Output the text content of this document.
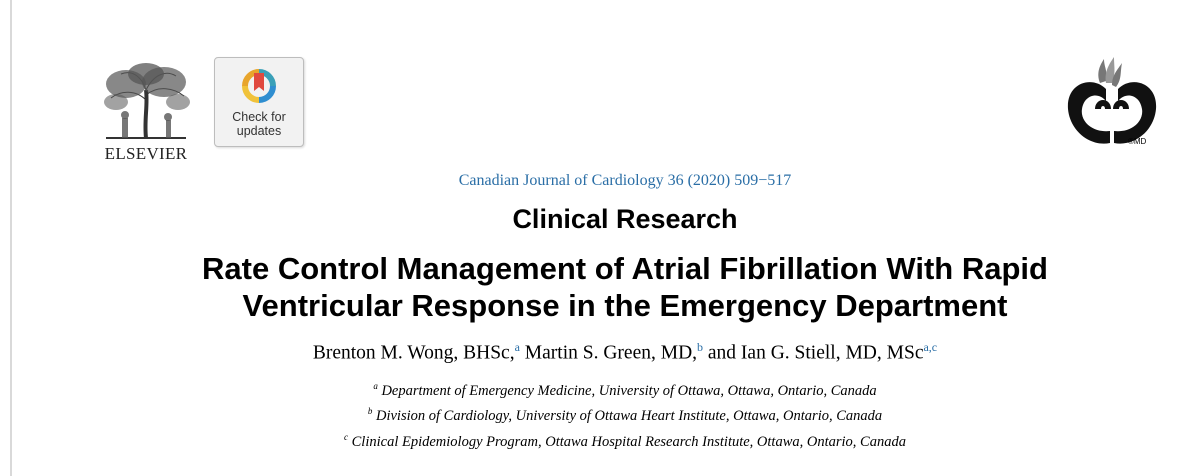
ELSEVIER
Check for
updates
®MD
Canadian Journal of Cardiology 36 (2020) 509−517
Clinical Research
Rate Control Management of Atrial Fibrillation With Rapid
Ventricular Response in the Emergency Department
Brenton M. Wong, BHSc,$^a$ Martin S. Green, MD,$^b$ and Ian G. Stiell, MD, MSc$^{a,c}$
$^a$ Department of Emergency Medicine, University of Ottawa, Ottawa, Ontario, Canada
$^b$ Division of Cardiology, University of Ottawa Heart Institute, Ottawa, Ontario, Canada
$^c$ Clinical Epidemiology Program, Ottawa Hospital Research Institute, Ottawa, Ontario, Canada
